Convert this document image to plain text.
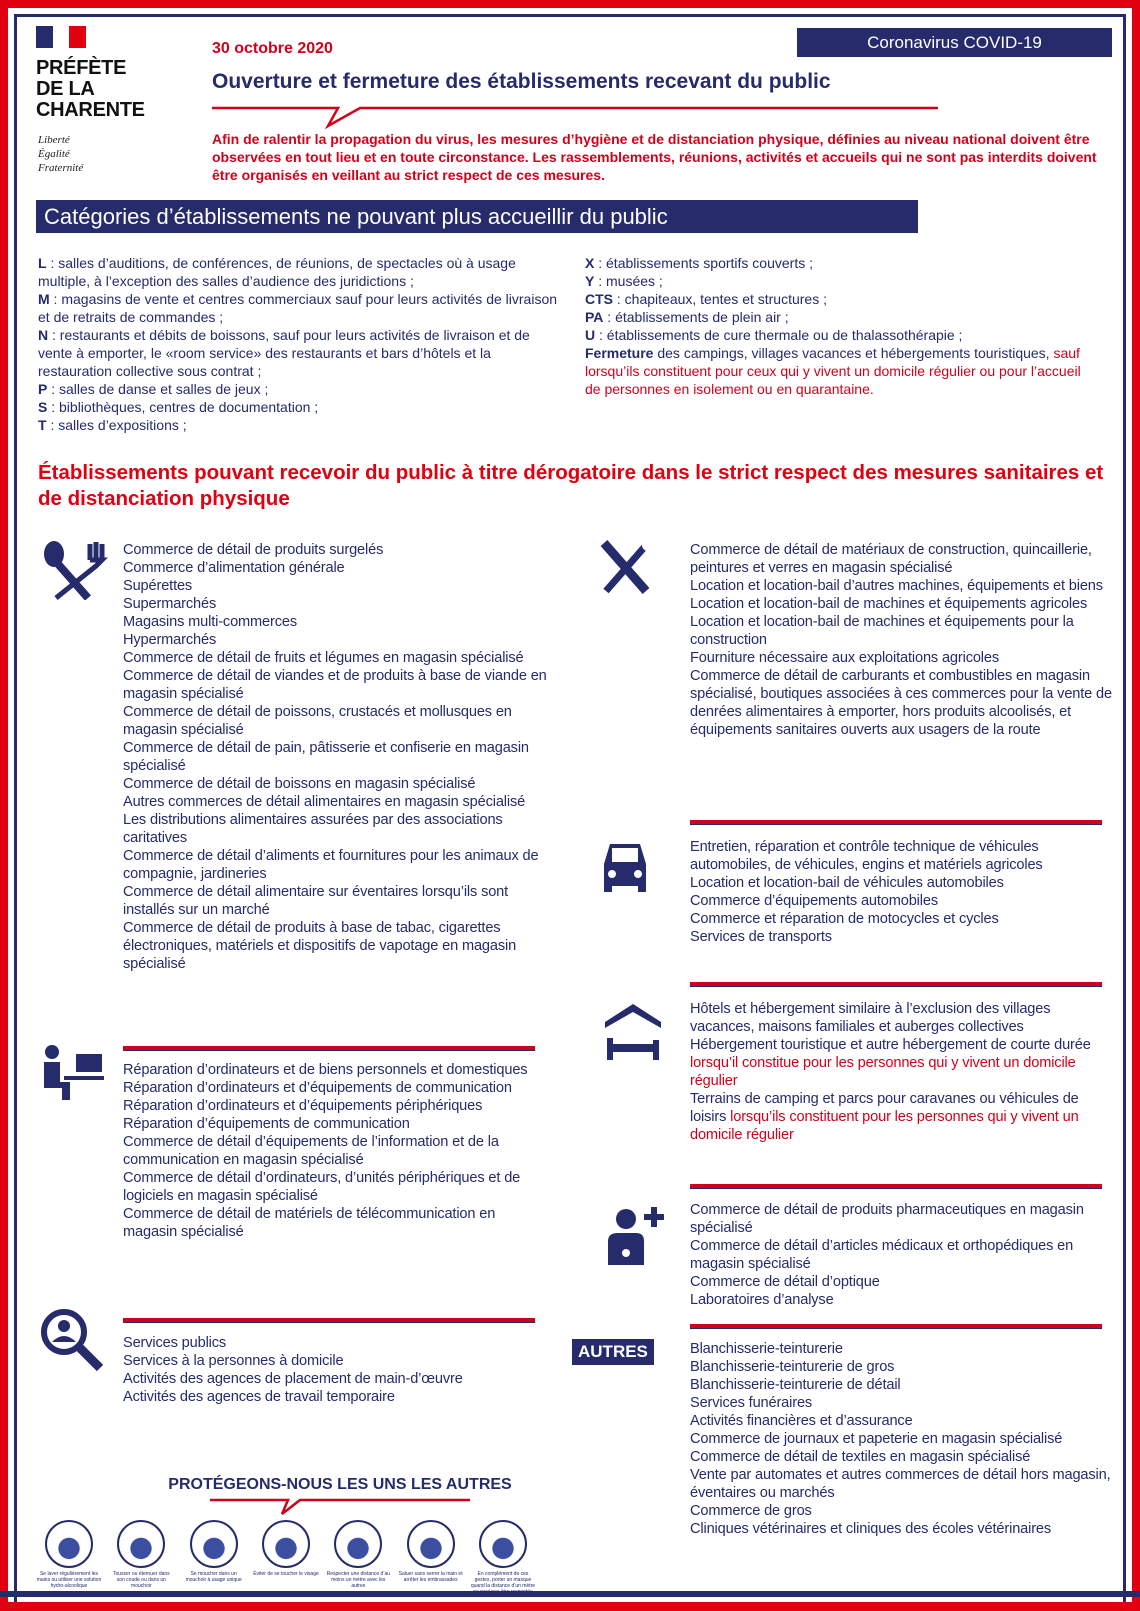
PRÉFÈTE
DE LA
CHARENTE
Liberté
Égalité
Fraternité
30 octobre 2020
Ouverture et fermeture des établissements recevant du public
Coronavirus COVID-19
Afin de ralentir la propagation du virus, les mesures d’hygiène et de distanciation physique, définies au niveau national doivent être observées en tout lieu et en toute circonstance. Les rassemblements, réunions, activités et accueils qui ne sont pas interdits doivent être organisés en veillant au strict respect de ces mesures.
Catégories d’établissements ne pouvant plus accueillir du public
L : salles d’auditions, de conférences, de réunions, de spectacles où à usage multiple, à l’exception des salles d’audience des juridictions ;
M : magasins de vente et centres commerciaux sauf pour leurs activités de livraison et de retraits de commandes ;
N : restaurants et débits de boissons, sauf pour leurs activités de livraison et de vente à emporter, le «room service» des restaurants et bars d’hôtels et la restauration collective sous contrat ;
P : salles de danse et salles de jeux ;
S : bibliothèques, centres de documentation ;
T : salles d’expositions ;
X : établissements sportifs couverts ;
Y : musées ;
CTS : chapiteaux, tentes et structures ;
PA : établissements de plein air ;
U : établissements de cure thermale ou de thalassothérapie ;
Fermeture des campings, villages vacances et hébergements touristiques, sauf lorsqu’ils constituent pour ceux qui y vivent un domicile régulier ou pour l’accueil de personnes en isolement ou en quarantaine.
Établissements pouvant recevoir du public à titre dérogatoire dans le strict respect des mesures sanitaires et de distanciation physique
Commerce de détail de produits surgelés
Commerce d’alimentation générale
Supérettes
Supermarchés
Magasins multi-commerces
Hypermarchés
Commerce de détail de fruits et légumes en magasin spécialisé
Commerce de détail de viandes et de produits à base de viande en magasin spécialisé
Commerce de détail de poissons, crustacés et mollusques en magasin spécialisé
Commerce de détail de pain, pâtisserie et confiserie en magasin spécialisé
Commerce de détail de boissons en magasin spécialisé
Autres commerces de détail alimentaires en magasin spécialisé
Les distributions alimentaires assurées par des associations caritatives
Commerce de détail d’aliments et fournitures pour les animaux de compagnie, jardineries
Commerce de détail alimentaire sur éventaires lorsqu’ils sont installés sur un marché
Commerce de détail de produits à base de tabac, cigarettes électroniques, matériels et dispositifs de vapotage en magasin spécialisé
Réparation d’ordinateurs et de biens personnels et domestiques
Réparation d’ordinateurs et d’équipements de communication
Réparation d’ordinateurs et d’équipements périphériques
Réparation d’équipements de communication
Commerce de détail d’équipements de l’information et de la communication en magasin spécialisé
Commerce de détail d’ordinateurs, d’unités périphériques et de logiciels en magasin spécialisé
Commerce de détail de matériels de télécommunication en magasin spécialisé
Services publics
Services à la personnes à domicile
Activités des agences de placement de main-d’œuvre
Activités des agences de travail temporaire
Commerce de détail de matériaux de construction, quincaillerie, peintures et verres en magasin spécialisé
Location et location-bail d’autres machines, équipements et biens
Location et location-bail de machines et équipements agricoles
Location et location-bail de machines et équipements pour la construction
Fourniture nécessaire aux exploitations agricoles
Commerce de détail de carburants et combustibles en magasin spécialisé, boutiques associées à ces commerces pour la vente de denrées alimentaires à emporter, hors produits alcoolisés, et équipements sanitaires ouverts aux usagers de la route
Entretien, réparation et contrôle technique de véhicules automobiles, de véhicules, engins et matériels agricoles
Location et location-bail de véhicules automobiles
Commerce d’équipements automobiles
Commerce et réparation de motocycles et cycles
Services de transports
Hôtels et hébergement similaire à l’exclusion des villages vacances, maisons familiales et auberges collectives
Hébergement touristique et autre hébergement de courte durée lorsqu’il constitue pour les personnes qui y vivent un domicile régulier
Terrains de camping et parcs pour caravanes ou véhicules de loisirs lorsqu’ils constituent pour les personnes qui y vivent un domicile régulier
Commerce de détail de produits pharmaceutiques en magasin spécialisé
Commerce de détail d’articles médicaux et orthopédiques en magasin spécialisé
Commerce de détail d’optique
Laboratoires d’analyse
AUTRES	Blanchisserie-teinturerie
Blanchisserie-teinturerie de gros
Blanchisserie-teinturerie de détail
Services funéraires
Activités financières et d’assurance
Commerce de journaux et papeterie en magasin spécialisé
Commerce de détail de textiles en magasin spécialisé
Vente par automates et autres commerces de détail hors magasin, éventaires ou marchés
Commerce de gros
Cliniques vétérinaires et cliniques des écoles vétérinaires
PROTÉGEONS-NOUS LES UNS LES AUTRES
Se laver régulièrement les mains ou utiliser une solution hydro-alcoolique
Tousser ou éternuer dans son coude ou dans un mouchoir
Se moucher dans un mouchoir à usage unique
Éviter de se toucher le visage Respecter une distance d’au moins un mètre avec les autres
Saluer sans serrer la main et arrêter les embrassades
En complément de ces gestes, porter un masque quand la distance d’un mètre ne peut pas être respectée
